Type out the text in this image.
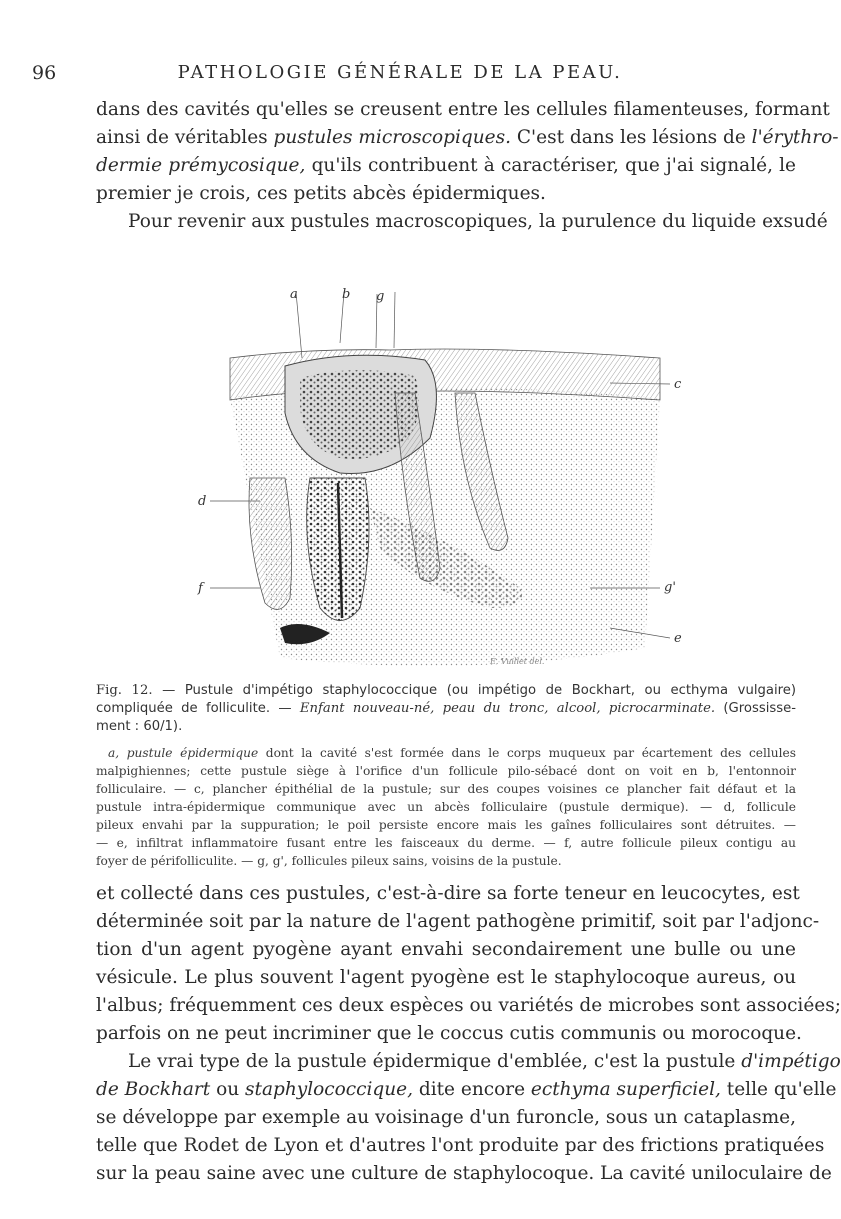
96	PATHOLOGIE GÉNÉRALE DE LA PEAU.
dans des cavités qu'elles se creusent entre les cellules filamenteuses, formant
ainsi de véritables pustules microscopiques. C'est dans les lésions de l'érythro-
dermie prémycosique, qu'ils contribuent à caractériser, que j'ai signalé, le
premier je crois, ces petits abcès épidermiques.
Pour revenir aux pustules macroscopiques, la purulence du liquide exsudé
a	b g
c
d
g'
f
e
E. Vuillet del.
Fig. 12. — Pustule d'impétigo staphylococcique (ou impétigo de Bockhart, ou ecthyma vulgaire)
compliquée de folliculite. — Enfant nouveau-né, peau du tronc, alcool, picrocarminate. (Grossisse-
ment : 60/1).
a, pustule épidermique dont la cavité s'est formée dans le corps muqueux par écartement des cellules
malpighiennes; cette pustule siège à l'orifice d'un follicule pilo-sébacé dont on voit en b, l'entonnoir
folliculaire. — c, plancher épithélial de la pustule; sur des coupes voisines ce plancher fait défaut et la
pustule intra-épidermique communique avec un abcès folliculaire (pustule dermique). — d, follicule
pileux envahi par la suppuration; le poil persiste encore mais les gaînes folliculaires sont détruites. —
— e, infiltrat inflammatoire fusant entre les faisceaux du derme. — f, autre follicule pileux contigu au
foyer de périfolliculite. — g, g', follicules pileux sains, voisins de la pustule.
et collecté dans ces pustules, c'est-à-dire sa forte teneur en leucocytes, est
déterminée soit par la nature de l'agent pathogène primitif, soit par l'adjonc-
tion d'un agent pyogène ayant envahi secondairement une bulle ou une
vésicule. Le plus souvent l'agent pyogène est le staphylocoque aureus, ou
l'albus; fréquemment ces deux espèces ou variétés de microbes sont associées;
parfois on ne peut incriminer que le coccus cutis communis ou morocoque.
Le vrai type de la pustule épidermique d'emblée, c'est la pustule d'impétigo
de Bockhart ou staphylococcique, dite encore ecthyma superficiel, telle qu'elle
se développe par exemple au voisinage d'un furoncle, sous un cataplasme,
telle que Rodet de Lyon et d'autres l'ont produite par des frictions pratiquées
sur la peau saine avec une culture de staphylocoque. La cavité uniloculaire de
